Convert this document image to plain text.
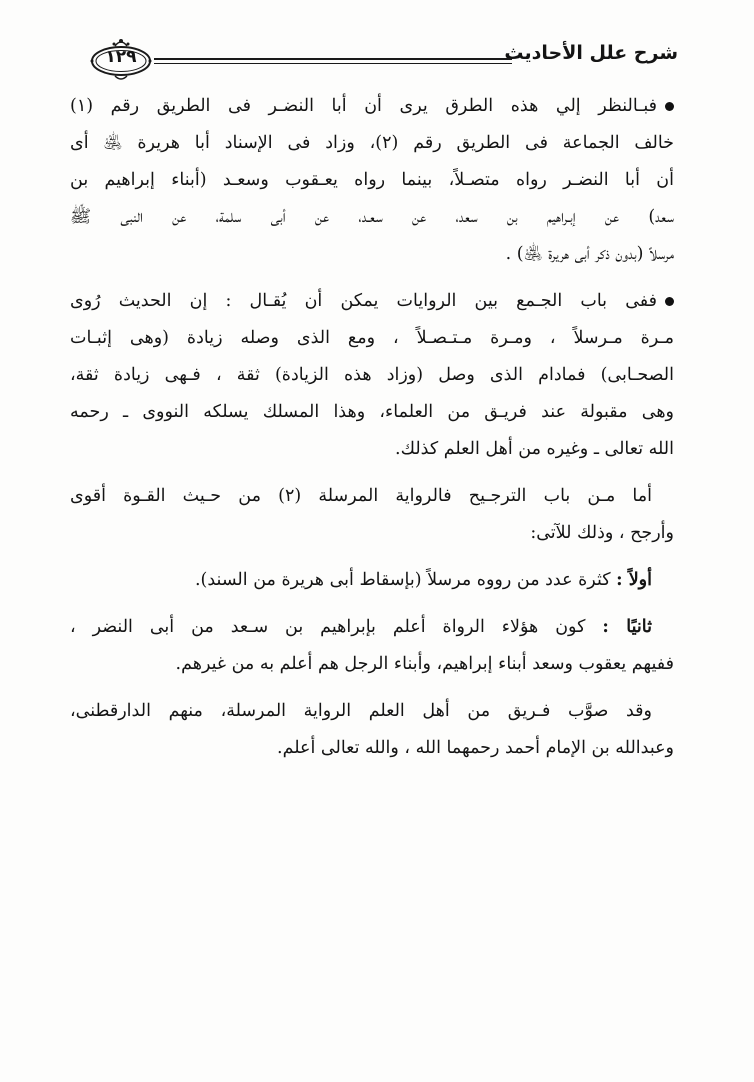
شرح علل الأحاديث
١٢٩
فبـالنظر إلي هذه الطرق يرى أن أبا النضـر فى الطريق رقم (١)
خالف الجماعة فى الطريق رقم (٢)، وزاد فى الإسناد أبا هريرة ﵁ أى
أن أبا النضـر رواه متصـلاً، بينما رواه يعـقوب وسعـد (أبناء إبراهيم بن
سعد) عن إبـراهيم بن سعد، عن سعـد، عن أبى سلمة، عن النبى ﷺ
مرسلاً (بدون ذكر أبى هريرة ﵁) .
ففى باب الجـمع بين الروايات يمكن أن يُقـال : إن الحديث رُوى
مـرة مـرسلاً ، ومـرة مـتـصـلاً ، ومع الذى وصله زيادة (وهى إثبـات
الصحـابى) فمادام الذى وصل (وزاد هذه الزيادة) ثقة ، فـهى زيادة ثقة،
وهى مقبولة عند فريـق من العلماء، وهذا المسلك يسلكه النووى ـ رحمه
الله تعالى ـ وغيره من أهل العلم كذلك.
أما مـن باب الترجـيح فالرواية المرسلة (٢) من حـيث القـوة أقوى
وأرجح ، وذلك للآتى:
أولاً : كثرة عدد من رووه مرسلاً (بإسقاط أبى هريرة من السند).
ثانيًا : كون هؤلاء الرواة أعلم بإبراهيم بن سـعد من أبى النضر ،
ففيهم يعقوب وسعد أبناء إبراهيم، وأبناء الرجل هم أعلم به من غيرهم.
وقد صوَّب فـريق من أهل العلم الرواية المرسلة، منهم الدارقطنى،
وعبدالله بن الإمام أحمد رحمهما الله ، والله تعالى أعلم.
